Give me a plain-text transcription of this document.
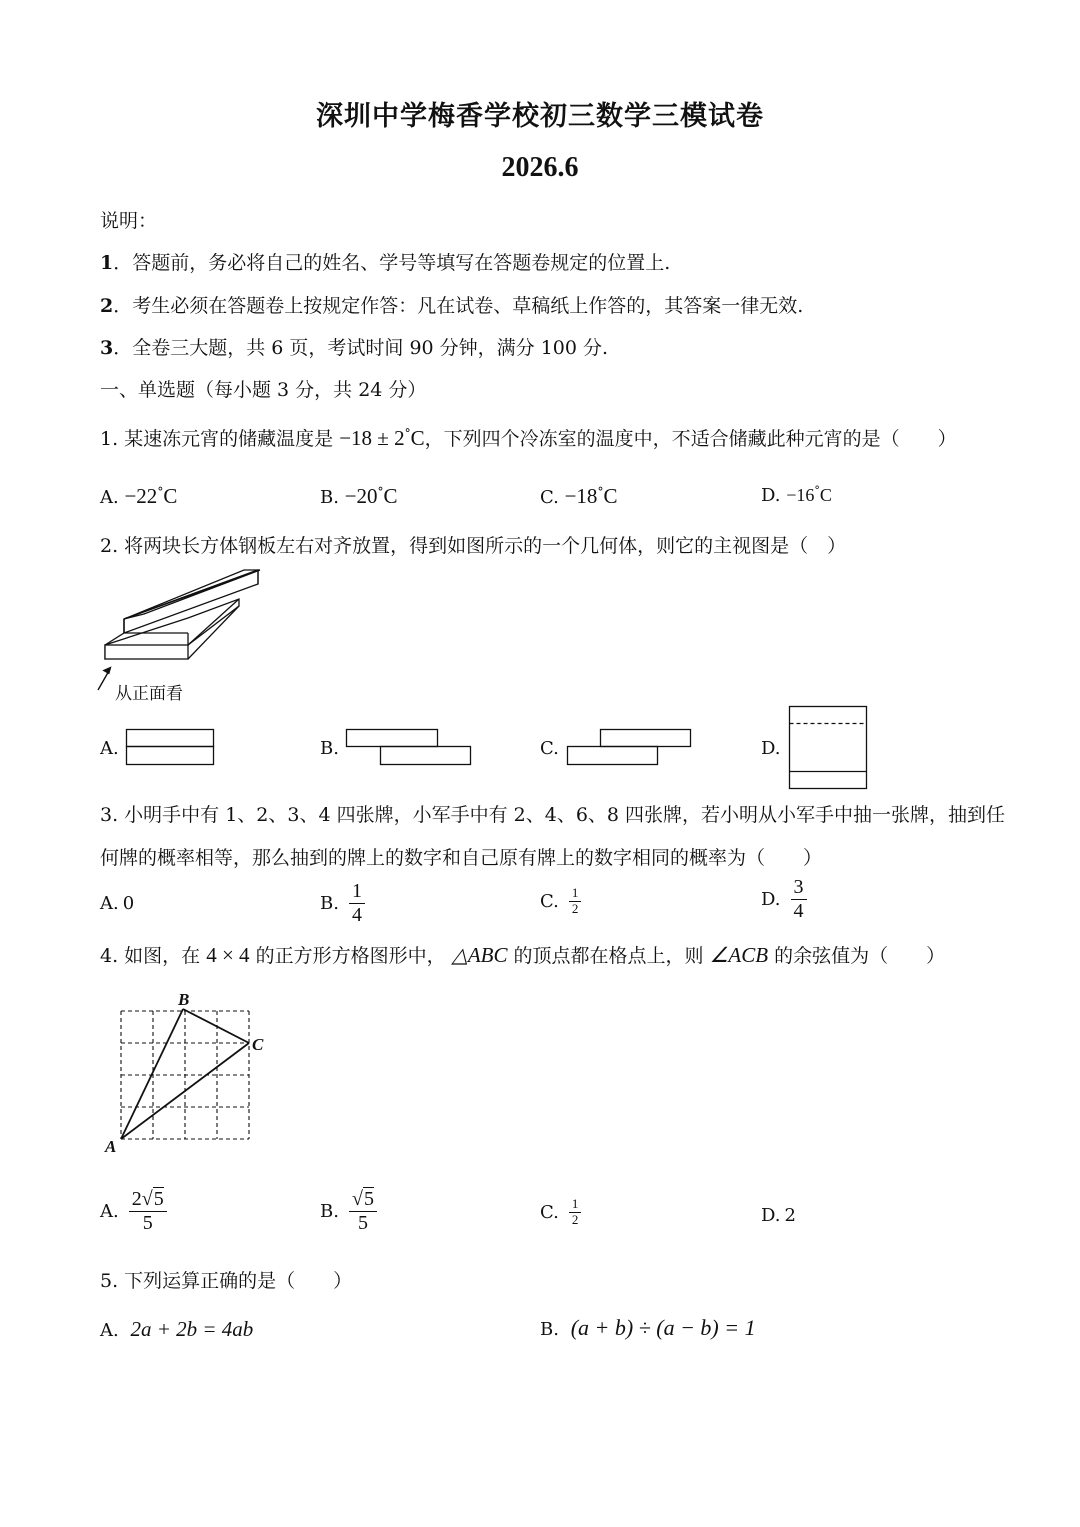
深圳中学梅香学校初三数学三模试卷
2026.6
说明：
1．答题前，务必将自己的姓名、学号等填写在答题卷规定的位置上.
2．考生必须在答题卷上按规定作答：凡在试卷、草稿纸上作答的，其答案一律无效.
3．全卷三大题，共 6 页，考试时间 90 分钟，满分 100 分.
一、单选题（每小题 3 分，共 24 分）
1. 某速冻元宵的储藏温度是 −18 ± 2°C，下列四个冷冻室的温度中，不适合储藏此种元宵的是（　　）
A. −22°C	B. −20°C	C. −18°C	D. −16°C
2. 将两块长方体钢板左右对齐放置，得到如图所示的一个几何体，则它的主视图是（　）
从正面看
A.	B.	C.	D.
3. 小明手中有 1、2、3、4 四张牌，小军手中有 2、4、6、8 四张牌，若小明从小军手中抽一张牌，抽到任
何牌的概率相等，那么抽到的牌上的数字和自己原有牌上的数字相同的概率为（　　）
A. 0	B. $\frac{1}{4}$	C. $\frac{1}{2}$	D. $\frac{3}{4}$
4. 如图，在 4 × 4 的正方形方格图形中， △ABC 的顶点都在格点上，则 ∠ACB 的余弦值为（　　）
B
C
A
A. $\frac{2√5}{5}$	B. $\frac{√5}{5}$	C. $\frac{1}{2}$	D. 2
5. 下列运算正确的是（　　）
A. 2a + 2b = 4ab	B. (a + b) ÷ (a − b) = 1
